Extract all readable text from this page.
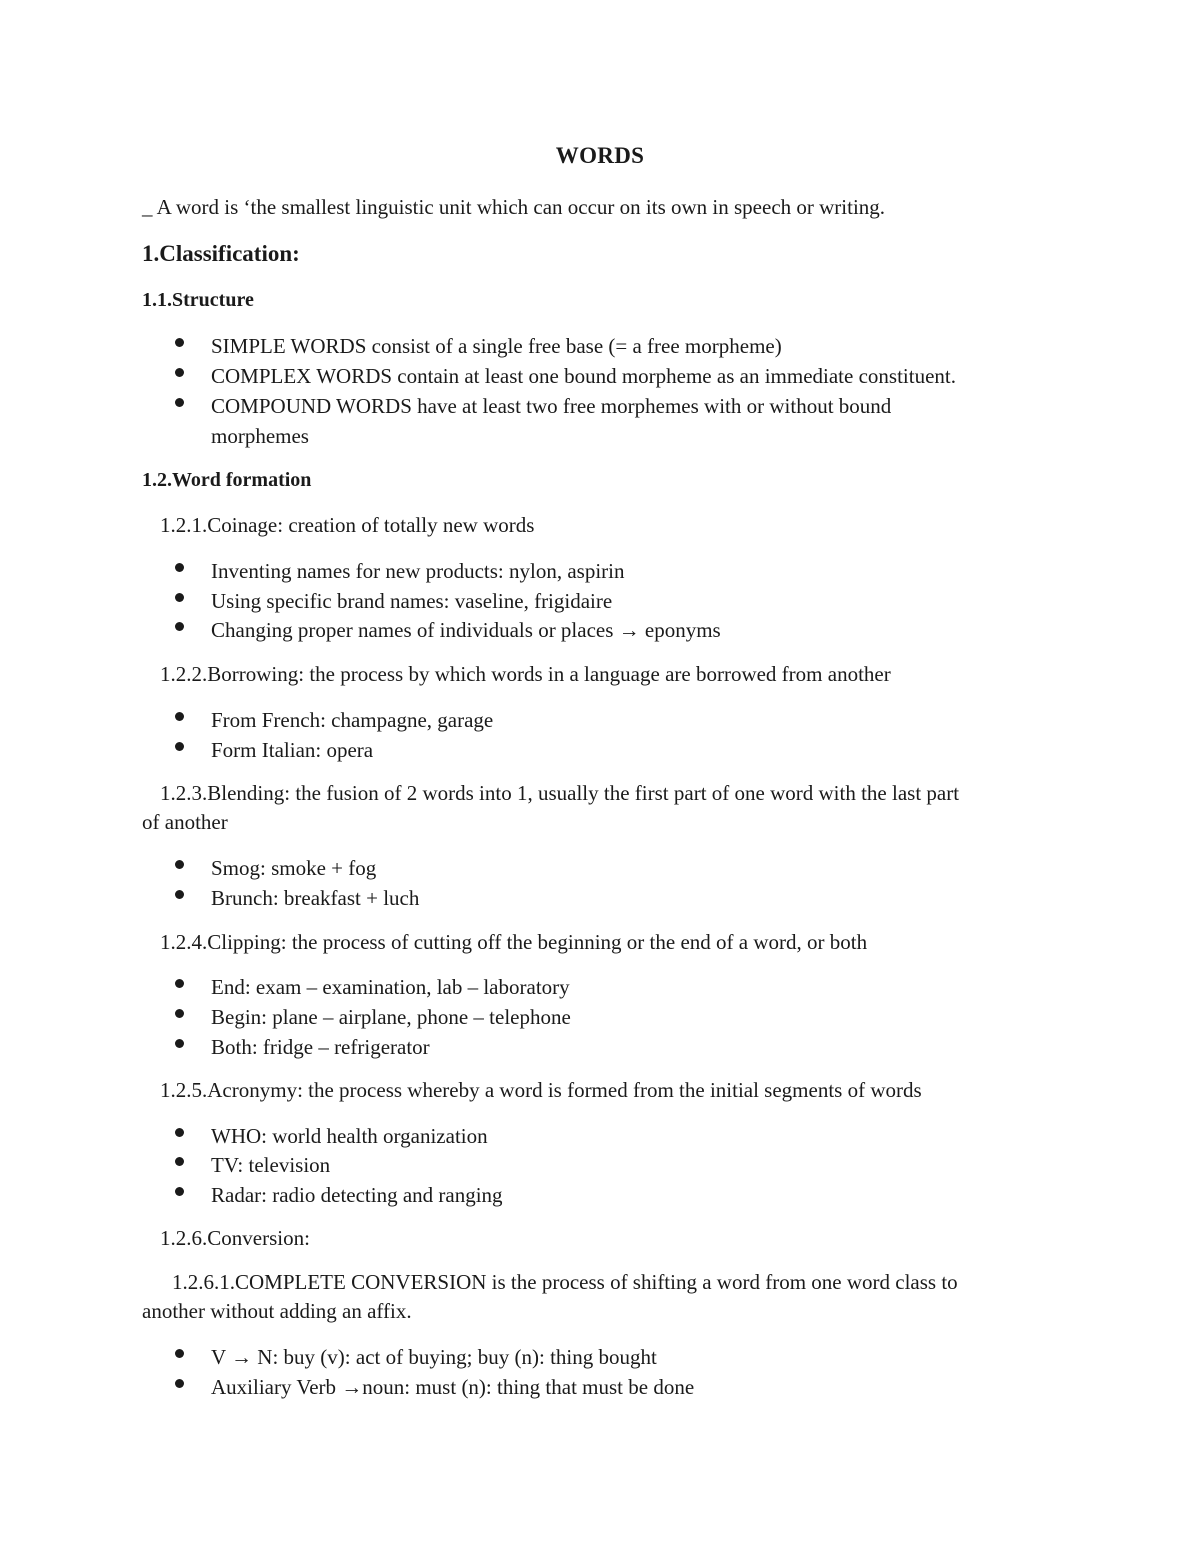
WORDS
_ A word is ‘the smallest linguistic unit which can occur on its own in speech or writing.
1.Classification:
1.1.Structure
SIMPLE WORDS consist of a single free base (= a free morpheme)
COMPLEX WORDS contain at least one bound morpheme as an immediate constituent.
COMPOUND WORDS have at least two free morphemes with or without bound
morphemes
1.2.Word formation
1.2.1.Coinage: creation of totally new words
Inventing names for new products: nylon, aspirin
Using specific brand names: vaseline, frigidaire
Changing proper names of individuals or places → eponyms
1.2.2.Borrowing: the process by which words in a language are borrowed from another
From French: champagne, garage
Form Italian: opera
1.2.3.Blending: the fusion of 2 words into 1, usually the first part of one word with the last part
of another
Smog: smoke + fog
Brunch: breakfast + luch
1.2.4.Clipping: the process of cutting off the beginning or the end of a word, or both
End: exam – examination, lab – laboratory
Begin: plane – airplane, phone – telephone
Both: fridge – refrigerator
1.2.5.Acronymy: the process whereby a word is formed from the initial segments of words
WHO: world health organization
TV: television
Radar: radio detecting and ranging
1.2.6.Conversion:
1.2.6.1.COMPLETE CONVERSION is the process of shifting a word from one word class to
another without adding an affix.
V → N: buy (v): act of buying; buy (n): thing bought
Auxiliary Verb →noun: must (n): thing that must be done
